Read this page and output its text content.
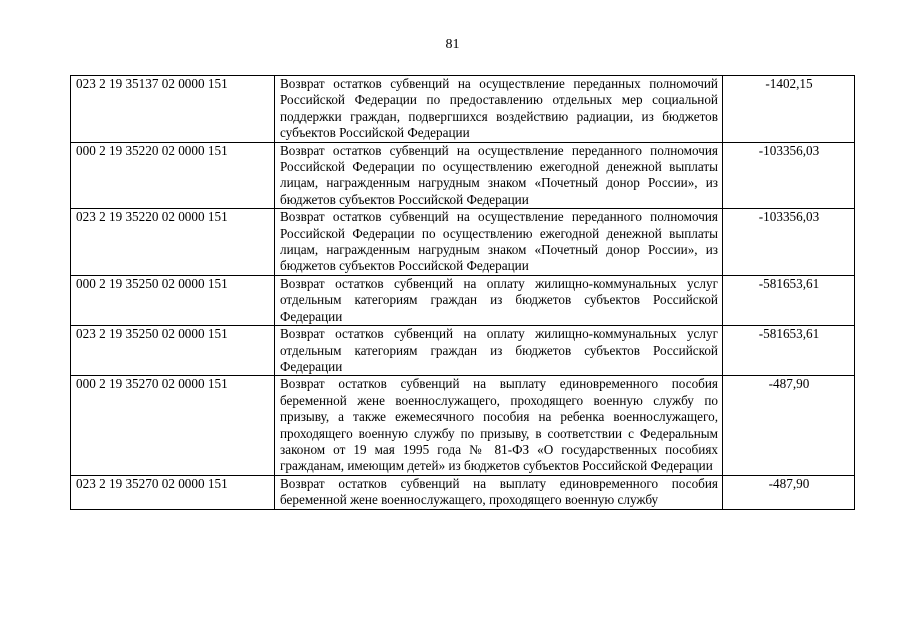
81
023 2 19 35137 02 0000 151	Возврат остатков субвенций на осуществление переданных полномочий Российской Федерации по предоставлению отдельных мер социальной поддержки граждан, подвергшихся воздействию радиации, из бюджетов субъектов Российской Федерации	-1402,15
000 2 19 35220 02 0000 151	Возврат остатков субвенций на осуществление переданного полномочия Российской Федерации по осуществлению ежегодной денежной выплаты лицам, награжденным нагрудным знаком «Почетный донор России», из бюджетов субъектов Российской Федерации	-103356,03
023 2 19 35220 02 0000 151	Возврат остатков субвенций на осуществление переданного полномочия Российской Федерации по осуществлению ежегодной денежной выплаты лицам, награжденным нагрудным знаком «Почетный донор России», из бюджетов субъектов Российской Федерации	-103356,03
000 2 19 35250 02 0000 151	Возврат остатков субвенций на оплату жилищно-коммунальных услуг отдельным категориям граждан из бюджетов субъектов Российской Федерации	-581653,61
023 2 19 35250 02 0000 151	Возврат остатков субвенций на оплату жилищно-коммунальных услуг отдельным категориям граждан из бюджетов субъектов Российской Федерации	-581653,61
000 2 19 35270 02 0000 151	Возврат остатков субвенций на выплату единовременного пособия беременной жене военнослужащего, проходящего военную службу по призыву, а также ежемесячного пособия на ребенка военнослужащего, проходящего военную службу по призыву, в соответствии с Федеральным законом от 19 мая 1995 года № 81-ФЗ «О государственных пособиях гражданам, имеющим детей» из бюджетов субъектов Российской Федерации	-487,90
023 2 19 35270 02 0000 151	Возврат остатков субвенций на выплату единовременного пособия беременной жене военнослужащего, проходящего военную службу	-487,90
